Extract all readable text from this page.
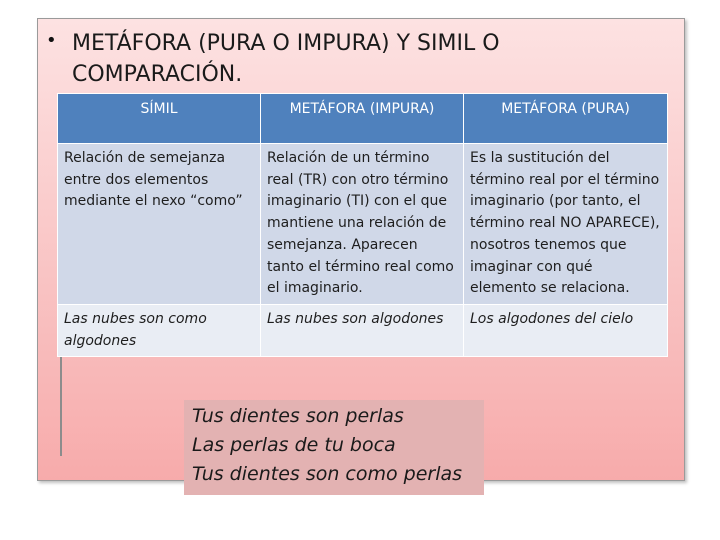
• METÁFORA (PURA O IMPURA) Y SIMIL O COMPARACIÓN.
SÍMIL	METÁFORA (IMPURA)	METÁFORA (PURA)
Relación de semejanza entre dos elementos mediante el nexo “como”	Relación de un término real (TR) con otro término imaginario (TI) con el que mantiene una relación de semejanza. Aparecen tanto el término real como el imaginario.	Es la sustitución del término real por el término imaginario (por tanto, el término real NO APARECE), nosotros tenemos que imaginar con qué elemento se relaciona.
Las nubes son como algodones	Las nubes son algodones	Los algodones del cielo
Tus dientes son perlas
Las perlas de tu boca
Tus dientes son como perlas
